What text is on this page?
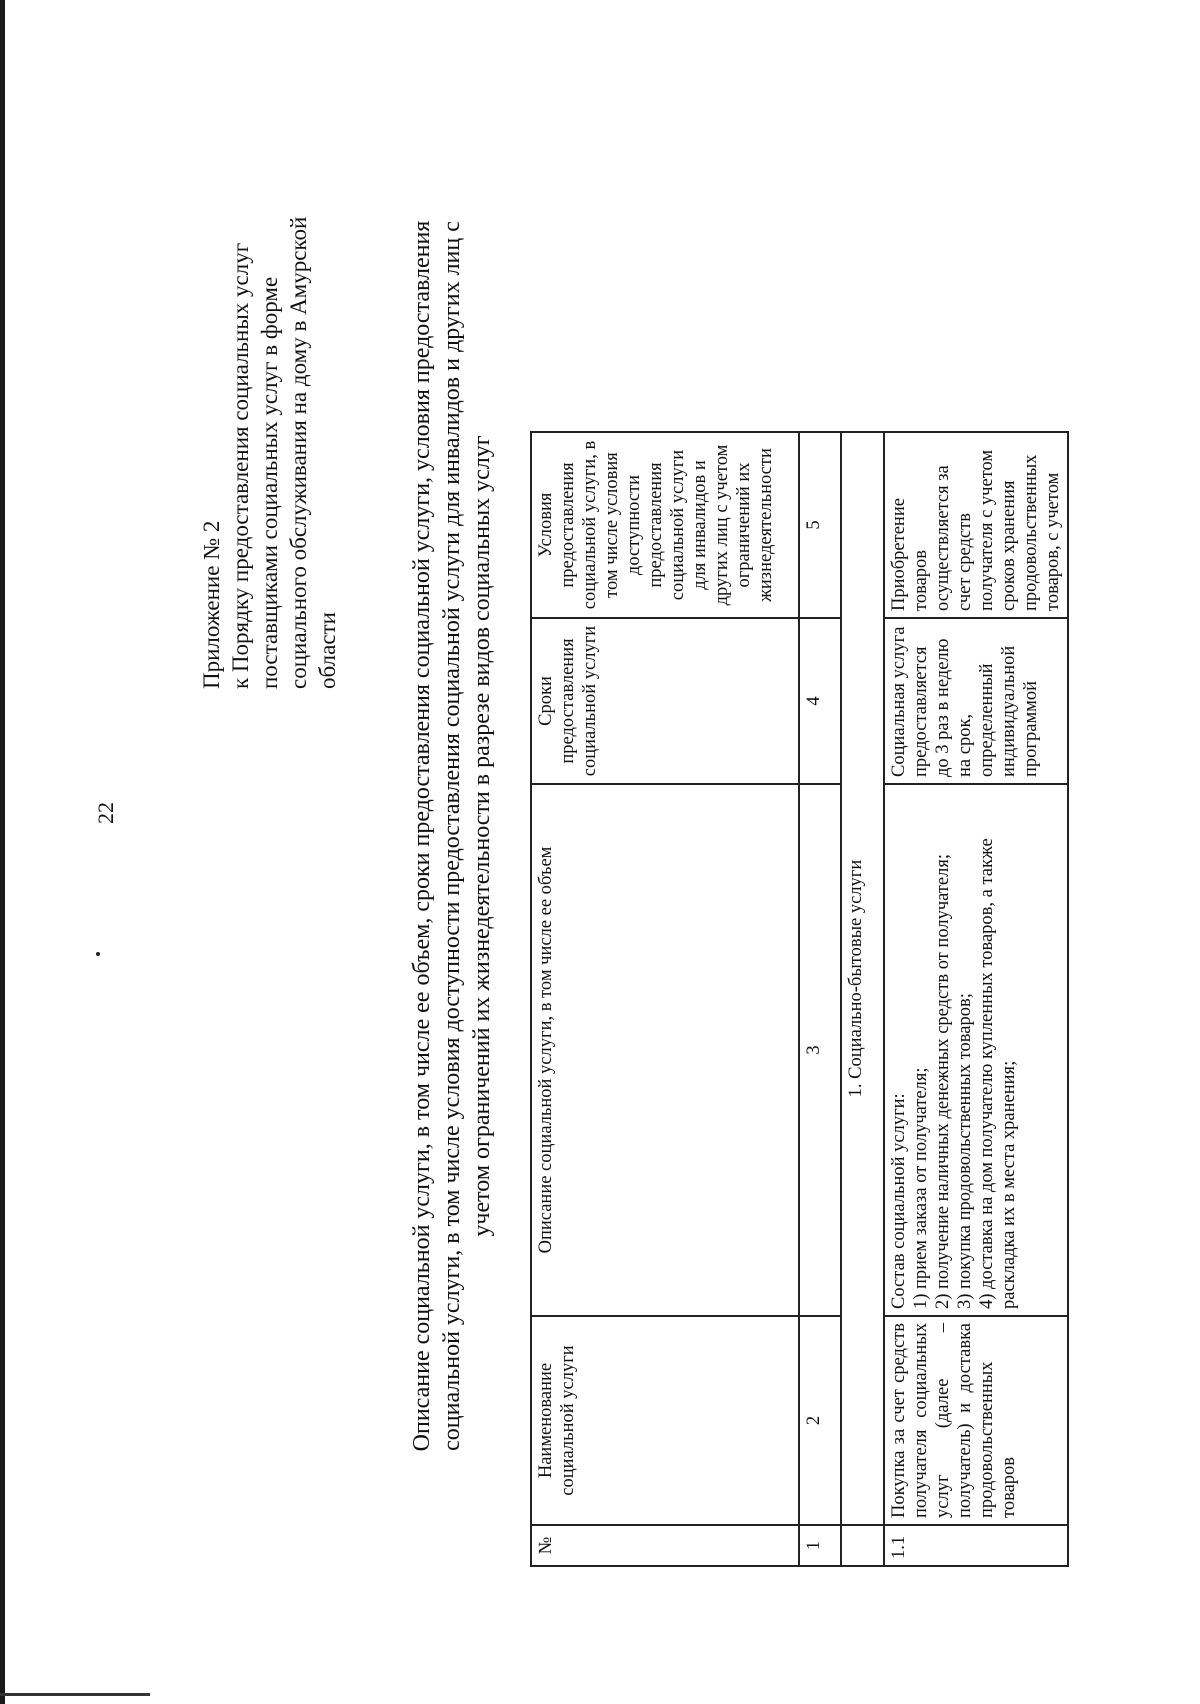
22
Приложение № 2 к Порядку предоставления социальных услуг поставщиками социальных услуг в форме социального обслуживания на дому в Амурской области	Описание социальной услуги, в том числе ее объем, сроки предоставления социальной услуги, условия предоставления социальной услуги, в том числе условия доступности предоставления социальной услуги для инвалидов и других лиц с учетом ограничений их жизнедеятельности в разрезе видов социальных услуг
№	Наименование социальной услуги	Описание социальной услуги, в том числе ее объем	Сроки предоставления социальной услуги	Условия предоставления социальной услуги, в том числе условия доступности предоставления социальной услуги для инвалидов и других лиц с учетом ограничений их жизнедеятельности
1	2	3	4	5
	1. Социально-бытовые услуги			
1.1	Покупка за счет средств получателя социальных услуг (далее – получатель) и доставка продовольственных товаров	Состав социальной услуги: 1) прием заказа от получателя; 2) получение наличных денежных средств от получателя; 3) покупка продовольственных товаров; 4) доставка на дом получателю купленных товаров, а также раскладка их в места хранения;	Социальная услуга предоставляется до 3 раз в неделю на срок, определенный индивидуальной программой	Приобретение товаров осуществляется за счет средств получателя с учетом сроков хранения продовольственных товаров, с учетом
